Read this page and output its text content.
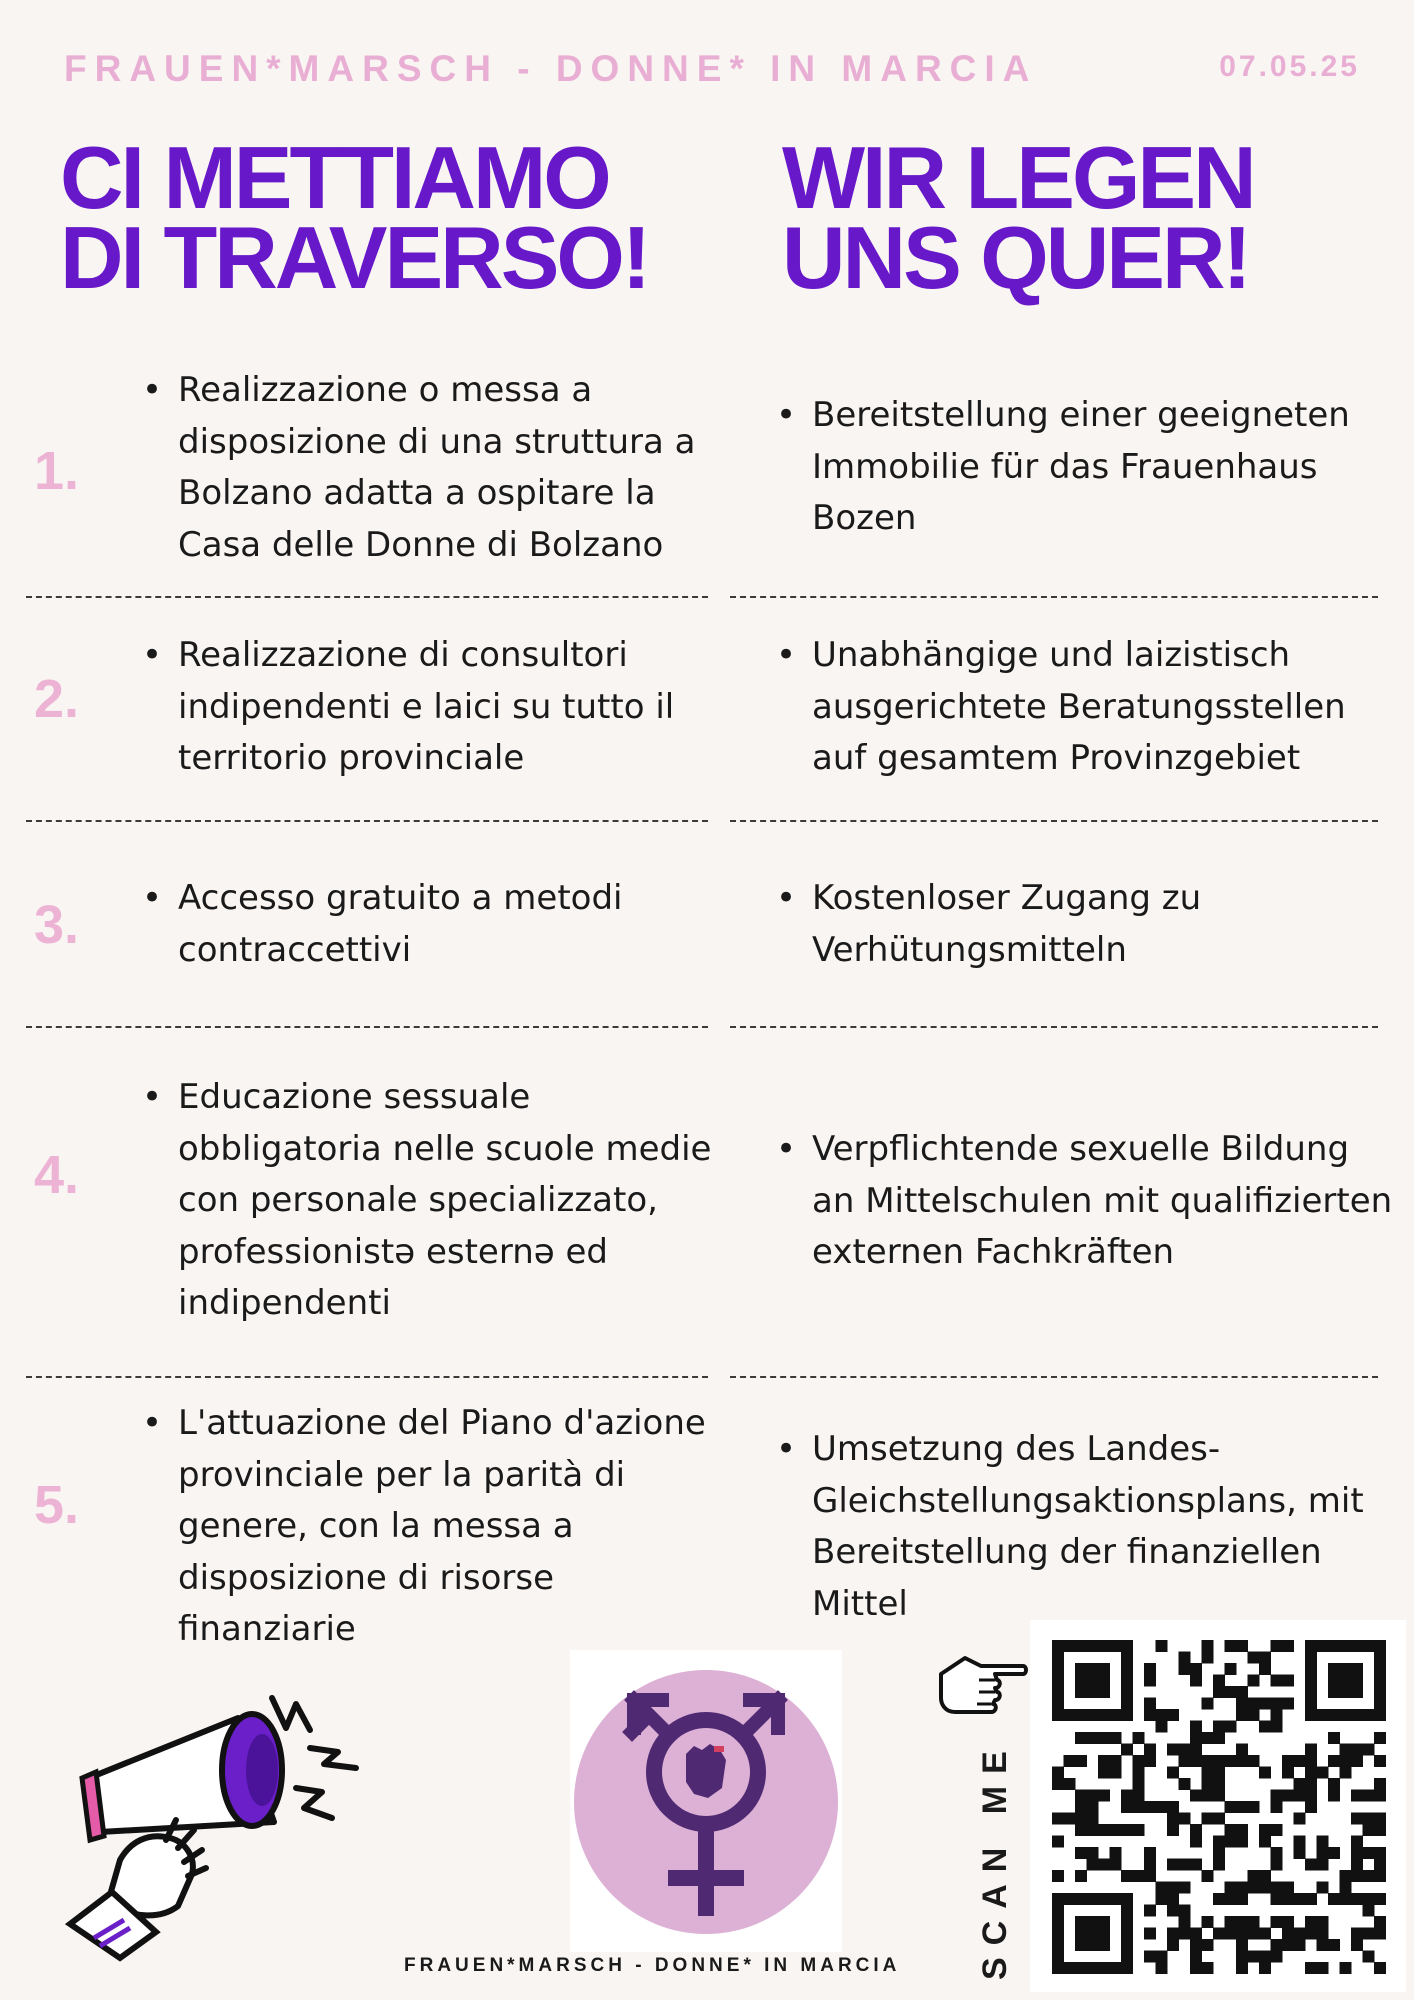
FRAUEN*MARSCH - DONNE* IN MARCIA	07.05.25
CI METTIAMO
DI TRAVERSO!
WIR LEGEN
UNS QUER!
1.
• Realizzazione o messa a disposizione di una struttura a Bolzano adatta a ospitare la Casa delle Donne di Bolzano
• Bereitstellung einer geeigneten Immobilie für das Frauenhaus Bozen
2.
• Realizzazione di consultori indipendenti e laici su tutto il territorio provinciale
• Unabhängige und laizistisch ausgerichtete Beratungsstellen auf gesamtem Provinzgebiet
3. • Accesso gratuito a metodi contraccettivi
• Kostenloser Zugang zu Verhütungsmitteln
4.
• Educazione sessuale obbligatoria nelle scuole medie con personale specializzato, professionistə esternə ed indipendenti
• Verpflichtende sexuelle Bildung an Mittelschulen mit qualifizierten externen Fachkräften
5.
• L'attuazione del Piano d'azione provinciale per la parità di genere, con la messa a disposizione di risorse finanziarie
• Umsetzung des Landes-Gleichstellungsaktionsplans, mit Bereitstellung der finanziellen Mittel
SCAN ME
FRAUEN*MARSCH - DONNE* IN MARCIA
